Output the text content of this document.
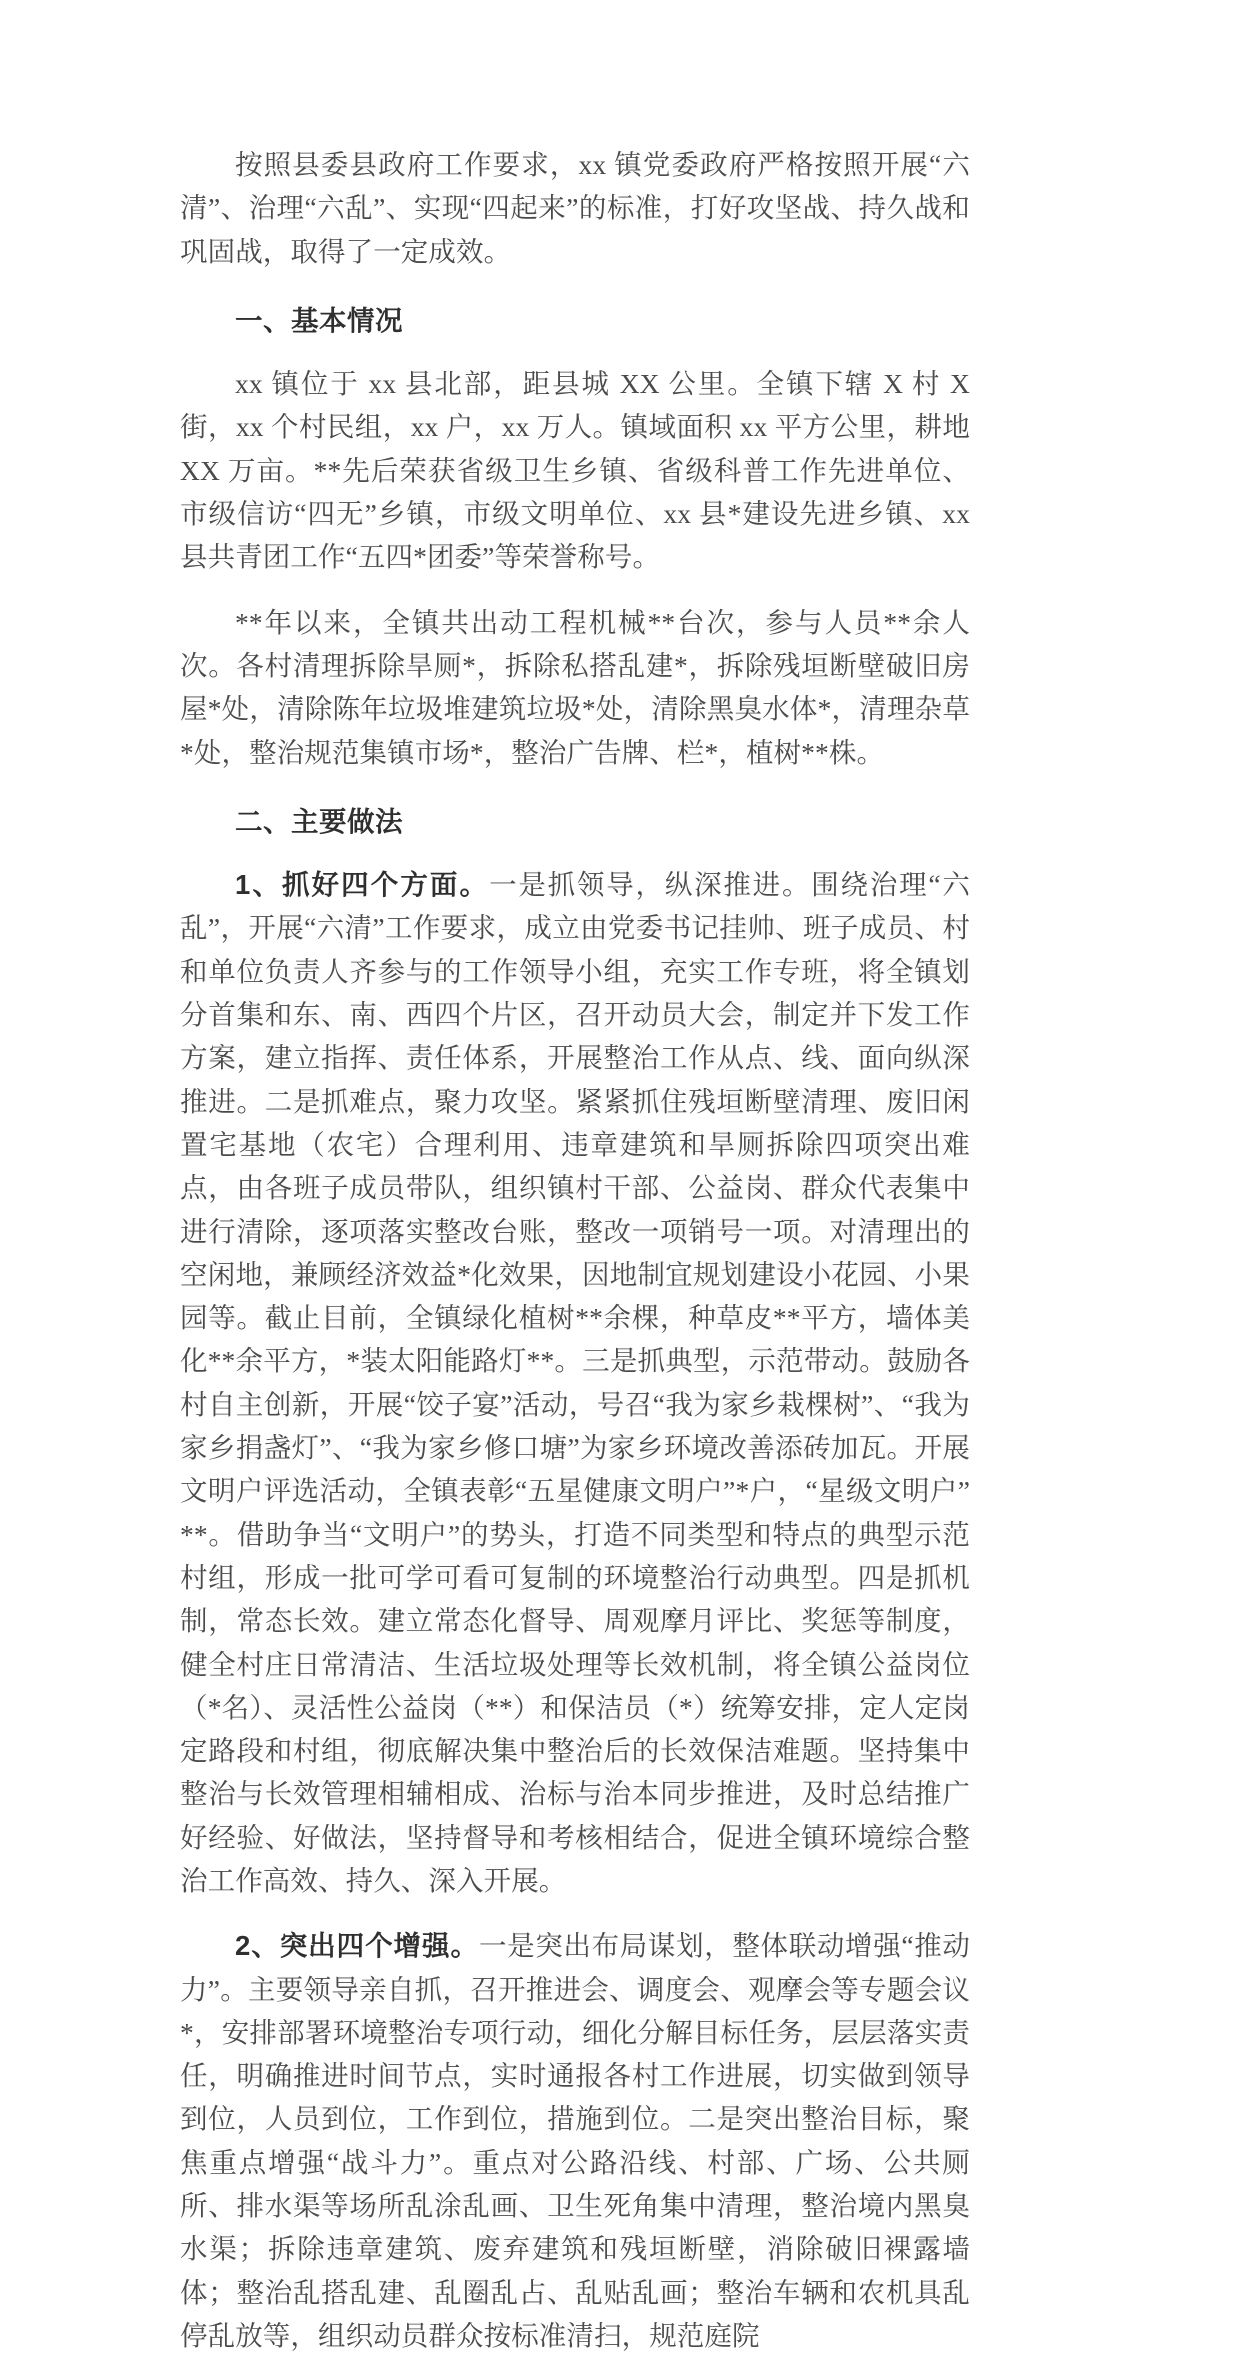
按照县委县政府工作要求，xx 镇党委政府严格按照开展“六清”、治理“六乱”、实现“四起来”的标准，打好攻坚战、持久战和巩固战，取得了一定成效。

一、基本情况

xx 镇位于 xx 县北部，距县城 XX 公里。全镇下辖 X 村 X 街，xx 个村民组，xx 户，xx 万人。镇域面积 xx 平方公里，耕地 XX 万亩。**先后荣获省级卫生乡镇、省级科普工作先进单位、市级信访“四无”乡镇，市级文明单位、xx 县*建设先进乡镇、xx 县共青团工作“五四*团委”等荣誉称号。

**年以来，全镇共出动工程机械**台次，参与人员**余人次。各村清理拆除旱厕*，拆除私搭乱建*，拆除残垣断壁破旧房屋*处，清除陈年垃圾堆建筑垃圾*处，清除黑臭水体*，清理杂草*处，整治规范集镇市场*，整治广告牌、栏*，植树**株。

二、主要做法

1、抓好四个方面。一是抓领导，纵深推进。围绕治理“六乱”，开展“六清”工作要求，成立由党委书记挂帅、班子成员、村和单位负责人齐参与的工作领导小组，充实工作专班，将全镇划分首集和东、南、西四个片区，召开动员大会，制定并下发工作方案，建立指挥、责任体系，开展整治工作从点、线、面向纵深推进。二是抓难点，聚力攻坚。紧紧抓住残垣断壁清理、废旧闲置宅基地（农宅）合理利用、违章建筑和旱厕拆除四项突出难点，由各班子成员带队，组织镇村干部、公益岗、群众代表集中进行清除，逐项落实整改台账，整改一项销号一项。对清理出的空闲地，兼顾经济效益*化效果，因地制宜规划建设小花园、小果园等。截止目前，全镇绿化植树**余棵，种草皮**平方，墙体美化**余平方，*装太阳能路灯**。三是抓典型，示范带动。鼓励各村自主创新，开展“饺子宴”活动，号召“我为家乡栽棵树”、“我为家乡捐盏灯”、“我为家乡修口塘”为家乡环境改善添砖加瓦。开展文明户评选活动，全镇表彰“五星健康文明户”*户，“星级文明户”**。借助争当“文明户”的势头，打造不同类型和特点的典型示范村组，形成一批可学可看可复制的环境整治行动典型。四是抓机制，常态长效。建立常态化督导、周观摩月评比、奖惩等制度，健全村庄日常清洁、生活垃圾处理等长效机制，将全镇公益岗位（*名）、灵活性公益岗（**）和保洁员（*）统筹安排，定人定岗定路段和村组，彻底解决集中整治后的长效保洁难题。坚持集中整治与长效管理相辅相成、治标与治本同步推进，及时总结推广好经验、好做法，坚持督导和考核相结合，促进全镇环境综合整治工作高效、持久、深入开展。

2、突出四个增强。一是突出布局谋划，整体联动增强“推动力”。主要领导亲自抓，召开推进会、调度会、观摩会等专题会议*，安排部署环境整治专项行动，细化分解目标任务，层层落实责任，明确推进时间节点，实时通报各村工作进展，切实做到领导到位，人员到位，工作到位，措施到位。二是突出整治目标，聚焦重点增强“战斗力”。重点对公路沿线、村部、广场、公共厕所、排水渠等场所乱涂乱画、卫生死角集中清理，整治境内黑臭水渠；拆除违章建筑、废弃建筑和残垣断壁，消除破旧裸露墙体；整治乱搭乱建、乱圈乱占、乱贴乱画；整治车辆和农机具乱停乱放等，组织动员群众按标准清扫，规范庭院
